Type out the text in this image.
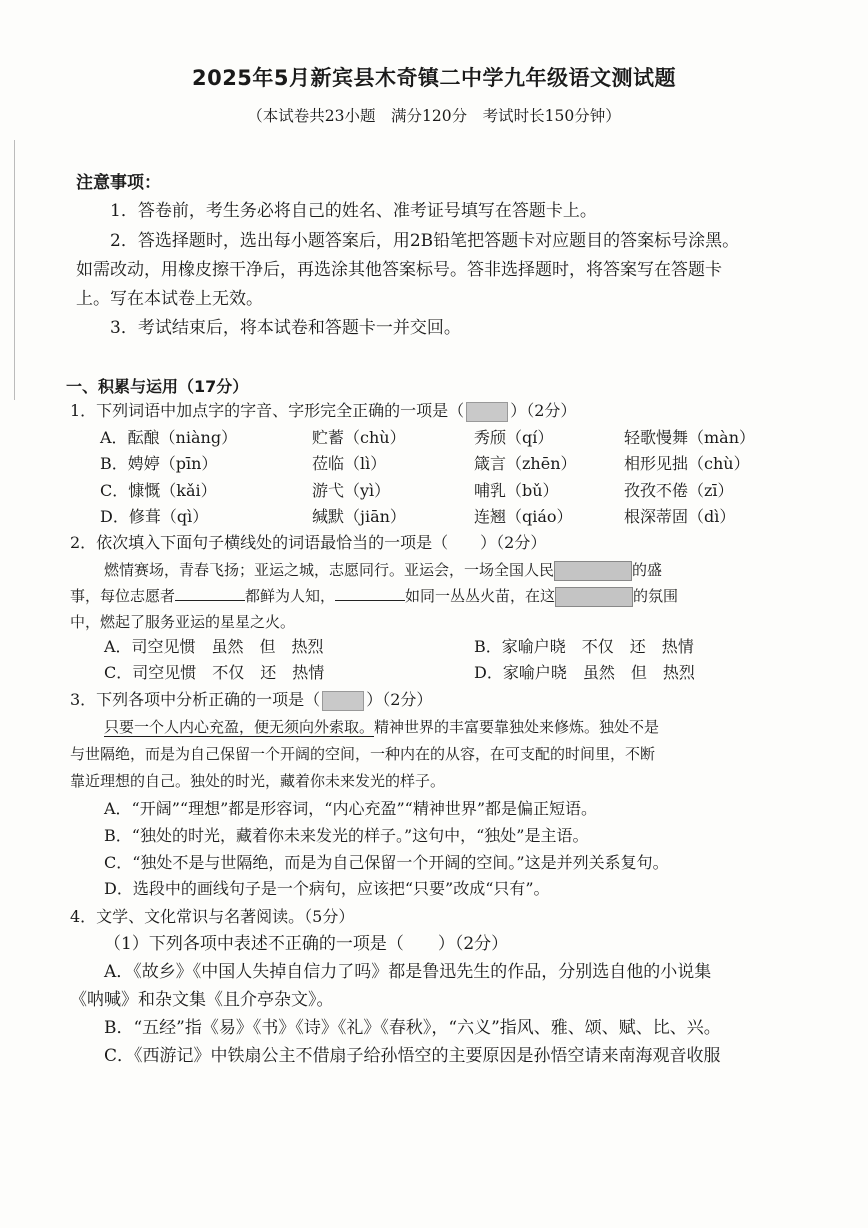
2025年5月新宾县木奇镇二中学九年级语文测试题
（本试卷共23小题　满分120分　考试时长150分钟）
注意事项：
1．答卷前，考生务必将自己的姓名、准考证号填写在答题卡上。
2．答选择题时，选出每小题答案后，用2B铅笔把答题卡对应题目的答案标号涂黑。
如需改动，用橡皮擦干净后，再选涂其他答案标号。答非选择题时，将答案写在答题卡
上。写在本试卷上无效。
3．考试结束后，将本试卷和答题卡一并交回。
一、积累与运用（17分）
1．下列词语中加点字的字音、字形完全正确的一项是（	）（2分）
A．酝酿（niàng）	贮蓄（chù）	秀颀（qí）	轻歌慢舞（màn）
B．娉婷（pīn）	莅临（lì）	箴言（zhēn）	相形见拙（chù）
C．慷慨（kǎi）	游弋（yì）	哺乳（bǔ）	孜孜不倦（zī）
D．修葺（qì）	缄默（jiān）	连翘（qiáo）	根深蒂固（dì）
2．依次填入下面句子横线处的词语最恰当的一项是（　　）（2分）
燃情赛场，青春飞扬；亚运之城，志愿同行。亚运会，一场全国人民	的盛
事，每位志愿者	都鲜为人知，	如同一丛丛火苗，在这	的氛围
中，燃起了服务亚运的星星之火。
A．司空见惯　虽然　但　热烈	B．家喻户晓　不仅　还　热情
C．司空见惯　不仅　还　热情	D．家喻户晓　虽然　但　热烈
3．下列各项中分析正确的一项是（	）（2分）
只要一个人内心充盈，便无须向外索取。精神世界的丰富要靠独处来修炼。独处不是
与世隔绝，而是为自己保留一个开阔的空间，一种内在的从容，在可支配的时间里，不断
靠近理想的自己。独处的时光，藏着你未来发光的样子。
A．“开阔”“理想”都是形容词，“内心充盈”“精神世界”都是偏正短语。
B．“独处的时光，藏着你未来发光的样子。”这句中，“独处”是主语。
C．“独处不是与世隔绝，而是为自己保留一个开阔的空间。”这是并列关系复句。
D．选段中的画线句子是一个病句，应该把“只要”改成“只有”。
4．文学、文化常识与名著阅读。（5分）
（1）下列各项中表述不正确的一项是（　　）（2分）
A．《故乡》《中国人失掉自信力了吗》都是鲁迅先生的作品，分别选自他的小说集
《呐喊》和杂文集《且介亭杂文》。
B．“五经”指《易》《书》《诗》《礼》《春秋》，“六义”指风、雅、颂、赋、比、兴。
C．《西游记》中铁扇公主不借扇子给孙悟空的主要原因是孙悟空请来南海观音收服
